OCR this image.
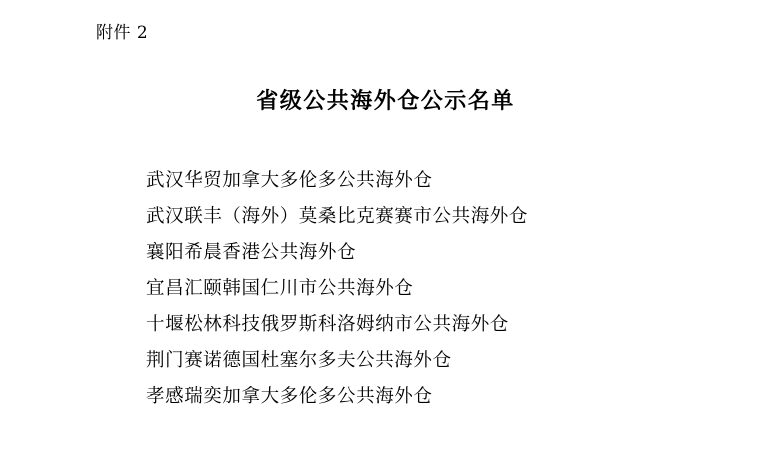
附件 2
省级公共海外仓公示名单
武汉华贸加拿大多伦多公共海外仓
武汉联丰（海外）莫桑比克赛赛市公共海外仓
襄阳希晨香港公共海外仓
宜昌汇颐韩国仁川市公共海外仓
十堰松林科技俄罗斯科洛姆纳市公共海外仓
荆门赛诺德国杜塞尔多夫公共海外仓
孝感瑞奕加拿大多伦多公共海外仓
